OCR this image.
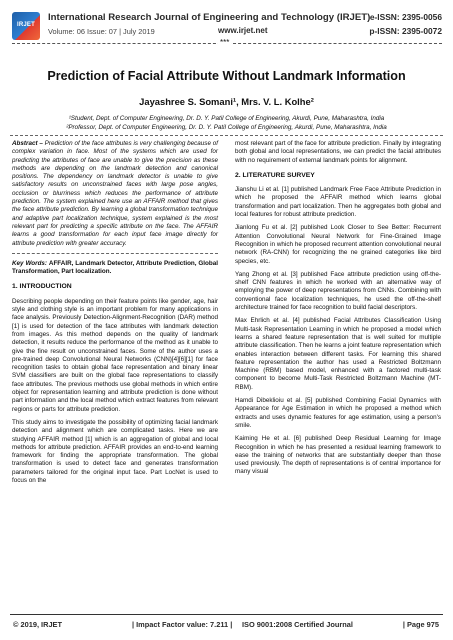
IRJET
International Research Journal of Engineering and Technology (IRJET) e-ISSN: 2395-0056
Volume: 06 Issue: 07 | July 2019	www.irjet.net	p-ISSN: 2395-0072
***
Prediction of Facial Attribute Without Landmark Information
Jayashree S. Somani¹, Mrs. V. L. Kolhe²
¹Student, Dept. of Computer Engineering, Dr. D. Y. Patil College of Engineering, Akurdi, Pune, Maharashtra, India
²Professor, Dept. of Computer Engineering, Dr. D. Y. Patil College of Engineering, Akurdi, Pune, Maharashtra, India

Abstract – Prediction of the face attributes is very challenging because of complex variation in face. Most of the systems which are used for predicting the attributes of face are unable to give the precision as these methods are depending on the landmark detection and canonical positions. The dependency on landmark detector is unable to give satisfactory results on unconstrained faces with large pose angles, occlusion or blurriness which reduces the performance of attribute prediction. The system explained here use an AFFAIR method that gives the face attribute prediction. By learning a global transformation technique and adaptive part localization technique, system explained is the most relevant part for predicting a specific attribute on the face. The AFFAIR learns a good transformation for each input face image directly for attribute prediction with greater accuracy.

Key Words: AFFAIR, Landmark Detector, Attribute Prediction, Global Transformation, Part localization.

1. INTRODUCTION

Describing people depending on their feature points like gender, age, hair style and clothing style is an important problem for many applications in face analysis. Previously Detection-Alignment-Recognition (DAR) method [1] is used for detection of the face attributes with landmark detection from images. As this method depends on the quality of landmark detection, it results reduce the performance of the method as it unable to give the fine result on unconstrained faces. Some of the author uses a pre-trained deep Convolutional Neural Networks (CNN)[4][6][1] for face recognition tasks to obtain global face representation and binary linear SVM classifiers are built on the global face representations to classify face attributes. The previous methods use global methods in which entire object for representation learning and attribute prediction is done without part information and the local method which extract features from relevant regions or parts for attribute prediction.

This study aims to investigate the possibility of optimizing facial landmark detection and alignment which are complicated tasks. Here we are studying AFFAIR method [1] which is an aggregation of global and local methods for attribute prediction. AFFAIR provides an end-to-end learning framework for finding the appropriate transformation. The global transformation is used to detect face and generates transformation parameters tailored for the original input face. Part LocNet is used to focus on the

most relevant part of the face for attribute prediction. Finally by integrating both global and local representations, we can predict the facial attributes with no requirement of external landmark points for alignment.

2. LITERATURE SURVEY

Jianshu Li et al. [1] published Landmark Free Face Attribute Prediction in which he proposed the AFFAIR method which learns global transformation and part localization. Then he aggregates both global and local features for robust attribute prediction.

Jianlong Fu et al. [2] published Look Closer to See Better: Recurrent Attention Convolutional Neural Network for Fine-Grained Image Recognition in which he proposed recurrent attention convolutional neural network (RA-CNN) for recognizing the ne grained categories like bird species, etc.

Yang Zhong et al. [3] published Face attribute prediction using off-the-shelf CNN features in which he worked with an alternative way of employing the power of deep representations from CNNs. Combining with conventional face localization techniques, he used the off-the-shelf architecture trained for face recognition to build facial descriptors.

Max Ehrlich et al. [4] published Facial Attributes Classification Using Multi-task Representation Learning in which he proposed a model which learns a shared feature representation that is well suited for multiple attribute classification. Then he learns a joint feature representation which enables interaction between different tasks. For learning this shared feature representation the author has used a Restricted Boltzmann Machine (RBM) based model, enhanced with a factored multi-task component to become Multi-Task Restricted Boltzmann Machine (MT-RBM).

Hamdi Dibeklioiu et al. [5] published Combining Facial Dynamics with Appearance for Age Estimation in which he proposed a method which extracts and uses dynamic features for age estimation, using a person's smile.

Kaiming He et al. [6] published Deep Residual Learning for Image Recognition in which he has presented a residual learning framework to ease the training of networks that are substantially deeper than those used previously. The depth of representations is of central importance for many visual

© 2019, IRJET	| Impact Factor value: 7.211 | ISO 9001:2008 Certified Journal	| Page 975
